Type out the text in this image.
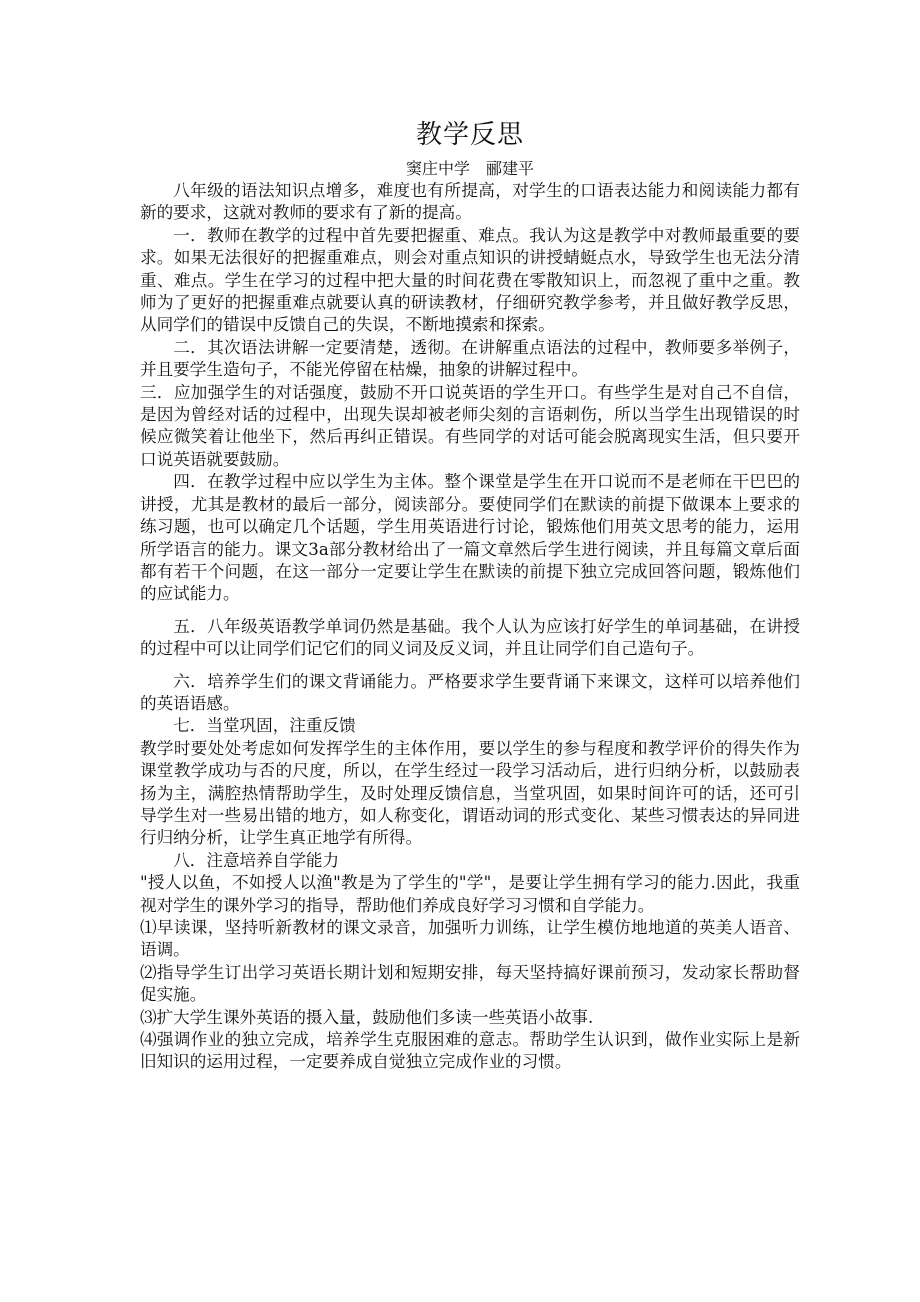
教学反思
窦庄中学　郦建平

八年级的语法知识点增多，难度也有所提高，对学生的口语表达能力和阅读能力都有新的要求，这就对教师的要求有了新的提高。

一．教师在教学的过程中首先要把握重、难点。我认为这是教学中对教师最重要的要求。如果无法很好的把握重难点，则会对重点知识的讲授蜻蜓点水，导致学生也无法分清重、难点。学生在学习的过程中把大量的时间花费在零散知识上，而忽视了重中之重。教师为了更好的把握重难点就要认真的研读教材，仔细研究教学参考，并且做好教学反思，从同学们的错误中反馈自己的失误，不断地摸索和探索。

二．其次语法讲解一定要清楚，透彻。在讲解重点语法的过程中，教师要多举例子，并且要学生造句子，不能光停留在枯燥，抽象的讲解过程中。

三．应加强学生的对话强度，鼓励不开口说英语的学生开口。有些学生是对自己不自信，是因为曾经对话的过程中，出现失误却被老师尖刻的言语刺伤，所以当学生出现错误的时候应微笑着让他坐下，然后再纠正错误。有些同学的对话可能会脱离现实生活，但只要开口说英语就要鼓励。

四．在教学过程中应以学生为主体。整个课堂是学生在开口说而不是老师在干巴巴的讲授，尤其是教材的最后一部分，阅读部分。要使同学们在默读的前提下做课本上要求的练习题，也可以确定几个话题，学生用英语进行讨论，锻炼他们用英文思考的能力，运用所学语言的能力。课文3a部分教材给出了一篇文章然后学生进行阅读，并且每篇文章后面都有若干个问题，在这一部分一定要让学生在默读的前提下独立完成回答问题，锻炼他们的应试能力。

五．八年级英语教学单词仍然是基础。我个人认为应该打好学生的单词基础，在讲授的过程中可以让同学们记它们的同义词及反义词，并且让同学们自己造句子。

六．培养学生们的课文背诵能力。严格要求学生要背诵下来课文，这样可以培养他们的英语语感。

七．当堂巩固，注重反馈

教学时要处处考虑如何发挥学生的主体作用，要以学生的参与程度和教学评价的得失作为课堂教学成功与否的尺度，所以，在学生经过一段学习活动后，进行归纳分析，以鼓励表扬为主，满腔热情帮助学生，及时处理反馈信息，当堂巩固，如果时间许可的话，还可引导学生对一些易出错的地方，如人称变化，谓语动词的形式变化、某些习惯表达的异同进行归纳分析，让学生真正地学有所得。

八．注意培养自学能力

"授人以鱼，不如授人以渔"教是为了学生的"学"，是要让学生拥有学习的能力.因此，我重视对学生的课外学习的指导，帮助他们养成良好学习习惯和自学能力。

⑴早读课，坚持听新教材的课文录音，加强听力训练，让学生模仿地地道的英美人语音、语调。

⑵指导学生订出学习英语长期计划和短期安排，每天坚持搞好课前预习，发动家长帮助督促实施。

⑶扩大学生课外英语的摄入量，鼓励他们多读一些英语小故事.

⑷强调作业的独立完成，培养学生克服困难的意志。帮助学生认识到，做作业实际上是新旧知识的运用过程，一定要养成自觉独立完成作业的习惯。
